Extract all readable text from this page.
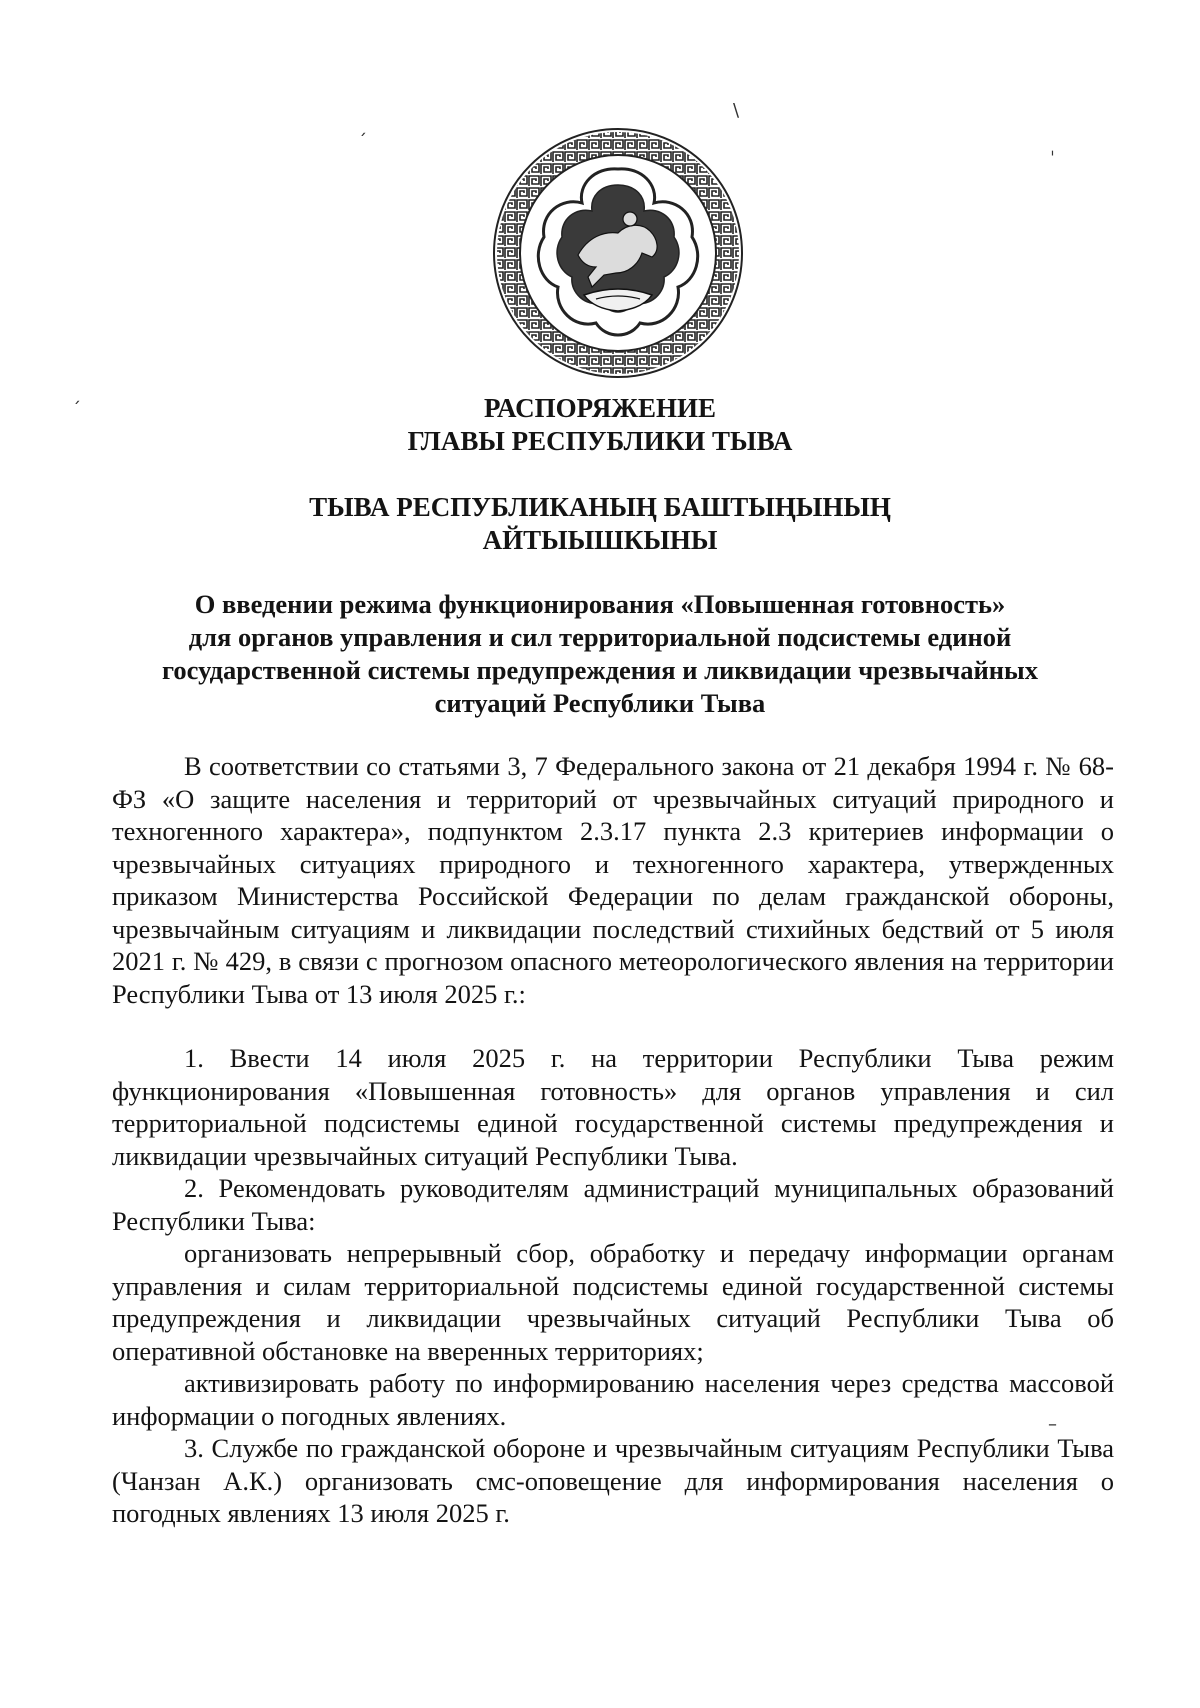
ˏ
\
ˈ
ˏ
–
РАСПОРЯЖЕНИЕ
ГЛАВЫ РЕСПУБЛИКИ ТЫВА
ТЫВА РЕСПУБЛИКАНЫҢ БАШТЫҢЫНЫҢ
АЙТЫЫШКЫНЫ
О введении режима функционирования «Повышенная готовность»
для органов управления и сил территориальной подсистемы единой
государственной системы предупреждения и ликвидации чрезвычайных
ситуаций Республики Тыва

В соответствии со статьями 3, 7 Федерального закона от 21 декабря 1994 г. № 68-ФЗ «О защите населения и территорий от чрезвычайных ситуаций природного и техногенного характера», подпунктом 2.3.17 пункта 2.3 критериев информации о чрезвычайных ситуациях природного и техногенного характера, утвержденных приказом Министерства Российской Федерации по делам гражданской обороны, чрезвычайным ситуациям и ликвидации последствий стихийных бедствий от 5 июля 2021 г. № 429, в связи с прогнозом опасного метеорологического явления на территории Республики Тыва от 13 июля 2025 г.:

1. Ввести 14 июля 2025 г. на территории Республики Тыва режим функционирования «Повышенная готовность» для органов управления и сил территориальной подсистемы единой государственной системы предупреждения и ликвидации чрезвычайных ситуаций Республики Тыва.

2. Рекомендовать руководителям администраций муниципальных образований Республики Тыва:

организовать непрерывный сбор, обработку и передачу информации органам управления и силам территориальной подсистемы единой государственной системы предупреждения и ликвидации чрезвычайных ситуаций Республики Тыва об оперативной обстановке на вверенных территориях;

активизировать работу по информированию населения через средства массовой информации о погодных явлениях.

3. Службе по гражданской обороне и чрезвычайным ситуациям Республики Тыва (Чанзан А.К.) организовать смс-оповещение для информирования населения о погодных явлениях 13 июля 2025 г.
